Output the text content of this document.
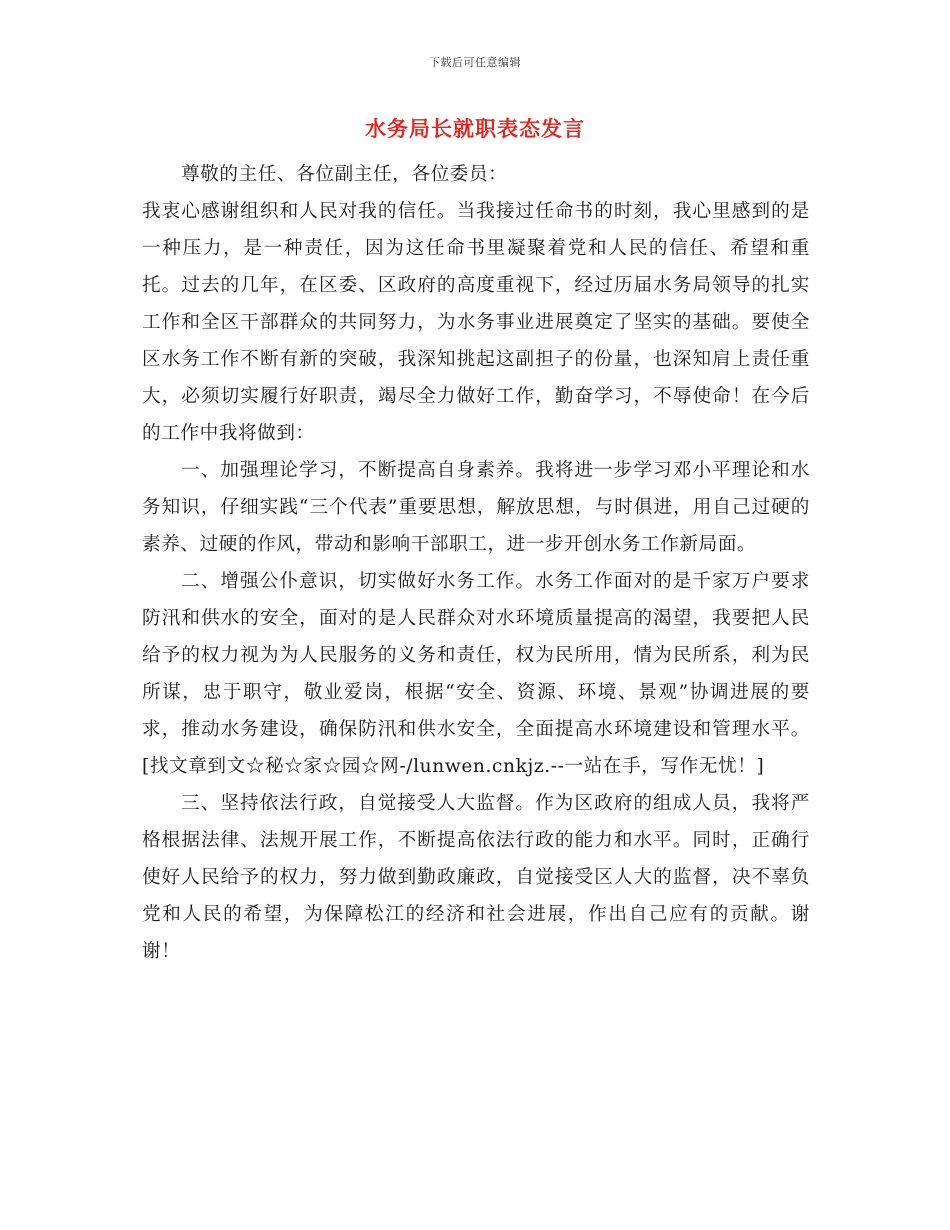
下载后可任意编辑
水务局长就职表态发言

尊敬的主任、各位副主任，各位委员：

我衷心感谢组织和人民对我的信任。当我接过任命书的时刻，我心里感到的是一种压力，是一种责任，因为这任命书里凝聚着党和人民的信任、希望和重托。过去的几年，在区委、区政府的高度重视下，经过历届水务局领导的扎实工作和全区干部群众的共同努力，为水务事业进展奠定了坚实的基础。要使全区水务工作不断有新的突破，我深知挑起这副担子的份量，也深知肩上责任重大，必须切实履行好职责，竭尽全力做好工作，勤奋学习，不辱使命！在今后的工作中我将做到：

一、加强理论学习，不断提高自身素养。我将进一步学习邓小平理论和水务知识，仔细实践“三个代表”重要思想，解放思想，与时俱进，用自己过硬的素养、过硬的作风，带动和影响干部职工，进一步开创水务工作新局面。

二、增强公仆意识，切实做好水务工作。水务工作面对的是千家万户要求防汛和供水的安全，面对的是人民群众对水环境质量提高的渴望，我要把人民给予的权力视为为人民服务的义务和责任，权为民所用，情为民所系，利为民所谋，忠于职守，敬业爱岗，根据“安全、资源、环境、景观”协调进展的要求，推动水务建设，确保防汛和供水安全，全面提高水环境建设和管理水平。[找文章到文☆秘☆家☆园☆网-/lunwen.cnkjz.--一站在手，写作无忧！]

三、坚持依法行政，自觉接受人大监督。作为区政府的组成人员，我将严格根据法律、法规开展工作，不断提高依法行政的能力和水平。同时，正确行使好人民给予的权力，努力做到勤政廉政，自觉接受区人大的监督，决不辜负党和人民的希望，为保障松江的经济和社会进展，作出自己应有的贡献。谢谢！
